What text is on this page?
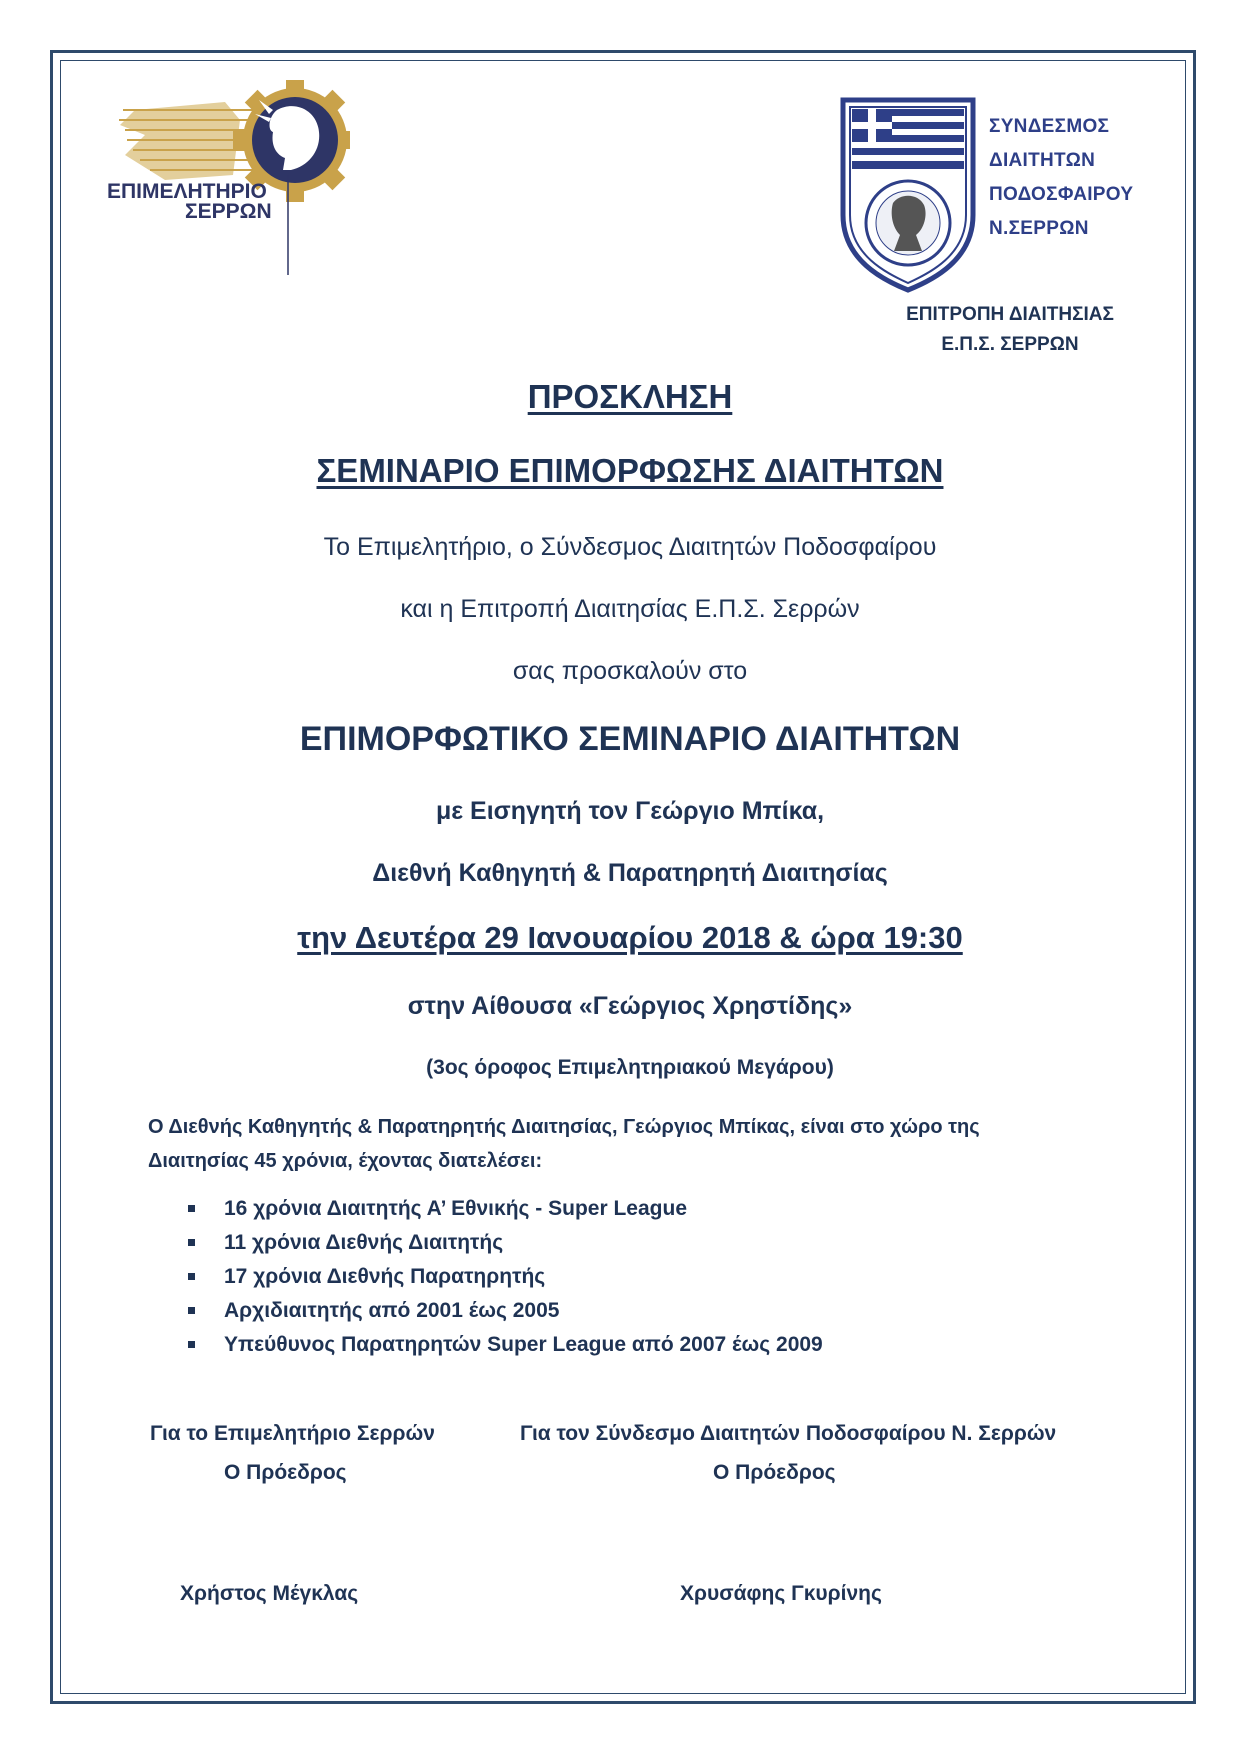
ΕΠΙΜΕΛΗΤΗΡΙΟ
ΣΕΡΡΩΝ
ΣΥΝΔΕΣΜΟΣ
ΔΙΑΙΤΗΤΩΝ
ΠΟΔΟΣΦΑΙΡΟΥ
Ν.ΣΕΡΡΩΝ
ΕΠΙΤΡΟΠΗ ΔΙΑΙΤΗΣΙΑΣ
Ε.Π.Σ. ΣΕΡΡΩΝ
ΠΡΟΣΚΛΗΣΗ
ΣΕΜΙΝΑΡΙΟ ΕΠΙΜΟΡΦΩΣΗΣ ΔΙΑΙΤΗΤΩΝ
Το Επιμελητήριο, ο Σύνδεσμος Διαιτητών Ποδοσφαίρου
και η Επιτροπή Διαιτησίας Ε.Π.Σ. Σερρών
σας προσκαλούν στο
ΕΠΙΜΟΡΦΩΤΙΚΟ ΣΕΜΙΝΑΡΙΟ ΔΙΑΙΤΗΤΩΝ
με Εισηγητή τον Γεώργιο Μπίκα,
Διεθνή Καθηγητή & Παρατηρητή Διαιτησίας
την Δευτέρα 29 Ιανουαρίου 2018 & ώρα 19:30
στην Αίθουσα «Γεώργιος Χρηστίδης»
(3ος όροφος Επιμελητηριακού Μεγάρου)
Ο Διεθνής Καθηγητής & Παρατηρητής Διαιτησίας, Γεώργιος Μπίκας, είναι στο χώρο της
Διαιτησίας 45 χρόνια, έχοντας διατελέσει:
16 χρόνια Διαιτητής Α’ Εθνικής - Super League
11 χρόνια Διεθνής Διαιτητής
17 χρόνια Διεθνής Παρατηρητής
Αρχιδιαιτητής από 2001 έως 2005
Υπεύθυνος Παρατηρητών Super League από 2007 έως 2009
Για το Επιμελητήριο Σερρών	Για τον Σύνδεσμο Διαιτητών Ποδοσφαίρου Ν. Σερρών
Ο Πρόεδρος	Ο Πρόεδρος
Χρήστος Μέγκλας	Χρυσάφης Γκυρίνης
